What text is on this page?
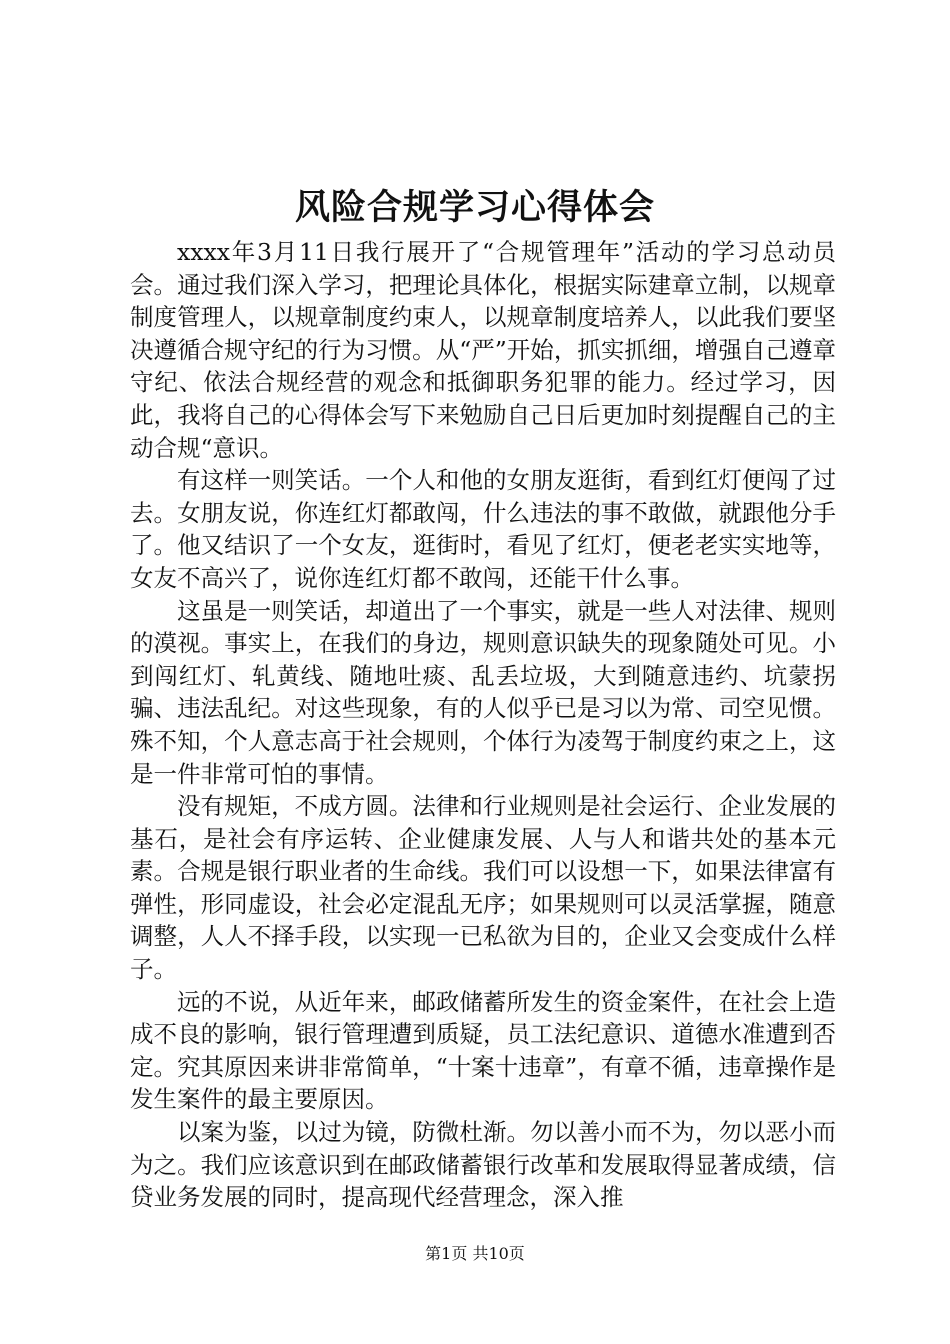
风险合规学习心得体会

xxxx年3月11日我行展开了“合规管理年”活动的学习总动员会。通过我们深入学习，把理论具体化，根据实际建章立制，以规章制度管理人，以规章制度约束人，以规章制度培养人，以此我们要坚决遵循合规守纪的行为习惯。从“严”开始，抓实抓细，增强自己遵章守纪、依法合规经营的观念和抵御职务犯罪的能力。经过学习，因此，我将自己的心得体会写下来勉励自己日后更加时刻提醒自己的主动合规“意识。

有这样一则笑话。一个人和他的女朋友逛街，看到红灯便闯了过去。女朋友说，你连红灯都敢闯，什么违法的事不敢做，就跟他分手了。他又结识了一个女友，逛街时，看见了红灯，便老老实实地等，女友不高兴了，说你连红灯都不敢闯，还能干什么事。

这虽是一则笑话，却道出了一个事实，就是一些人对法律、规则的漠视。事实上，在我们的身边，规则意识缺失的现象随处可见。小到闯红灯、轧黄线、随地吐痰、乱丢垃圾，大到随意违约、坑蒙拐骗、违法乱纪。对这些现象，有的人似乎已是习以为常、司空见惯。殊不知，个人意志高于社会规则，个体行为凌驾于制度约束之上，这是一件非常可怕的事情。

没有规矩，不成方圆。法律和行业规则是社会运行、企业发展的基石，是社会有序运转、企业健康发展、人与人和谐共处的基本元素。合规是银行职业者的生命线。我们可以设想一下，如果法律富有弹性，形同虚设，社会必定混乱无序；如果规则可以灵活掌握，随意调整，人人不择手段，以实现一已私欲为目的，企业又会变成什么样子。

远的不说，从近年来，邮政储蓄所发生的资金案件，在社会上造成不良的影响，银行管理遭到质疑，员工法纪意识、道德水准遭到否定。究其原因来讲非常简单，“十案十违章”，有章不循，违章操作是发生案件的最主要原因。

以案为鉴，以过为镜，防微杜渐。勿以善小而不为，勿以恶小而为之。我们应该意识到在邮政储蓄银行改革和发展取得显著成绩，信贷业务发展的同时，提高现代经营理念，深入推

第1页 共10页
